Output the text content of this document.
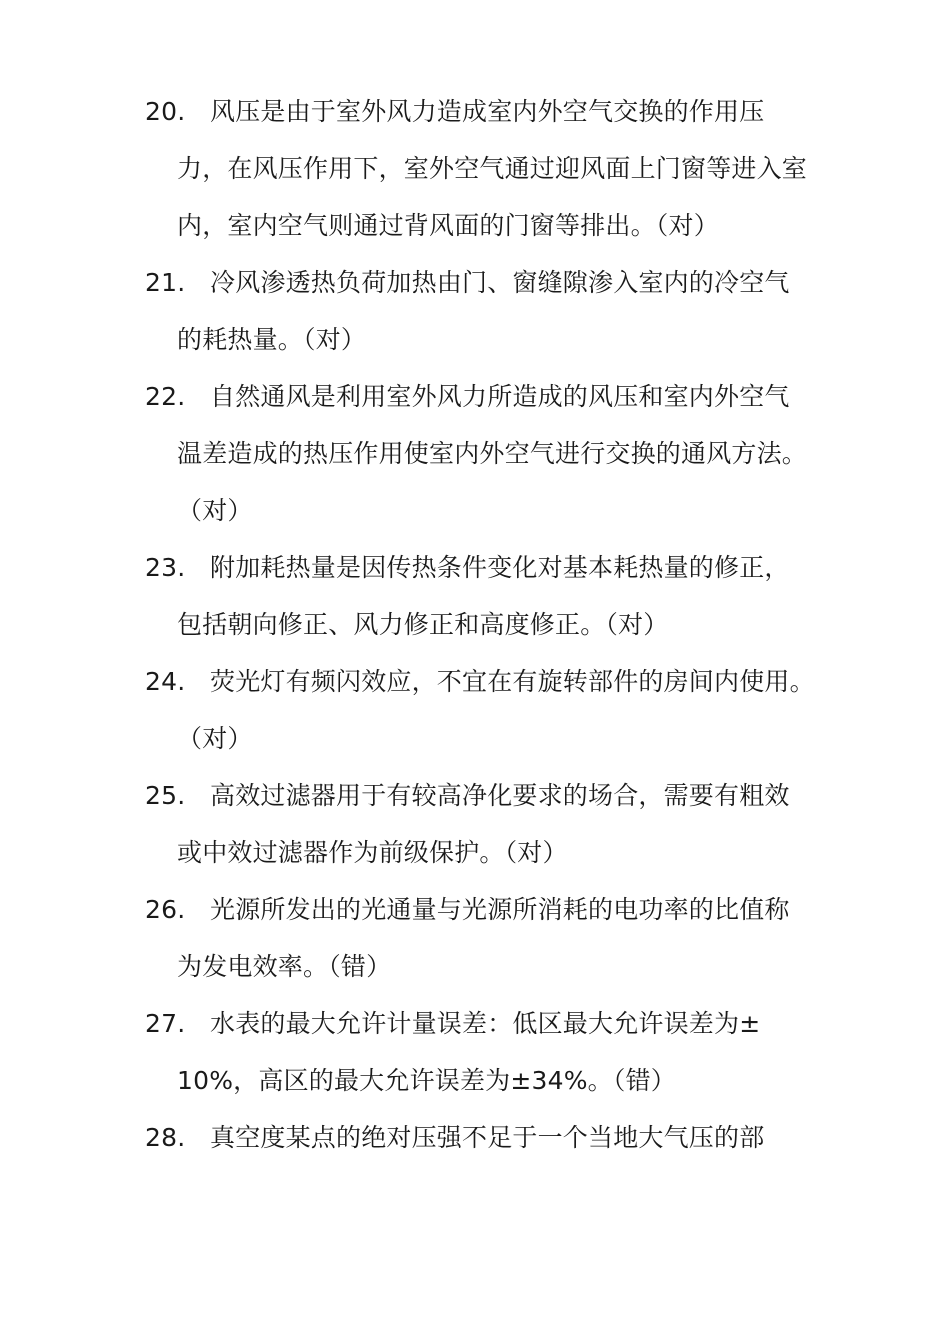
20. 风压是由于室外风力造成室内外空气交换的作用压
力，在风压作用下，室外空气通过迎风面上门窗等进入室
内，室内空气则通过背风面的门窗等排出。（对）
21. 冷风渗透热负荷加热由门、窗缝隙渗入室内的冷空气
的耗热量。（对）
22. 自然通风是利用室外风力所造成的风压和室内外空气
温差造成的热压作用使室内外空气进行交换的通风方法。
（对）
23. 附加耗热量是因传热条件变化对基本耗热量的修正，
包括朝向修正、风力修正和高度修正。（对）
24. 荧光灯有频闪效应，不宜在有旋转部件的房间内使用。
（对）
25. 高效过滤器用于有较高净化要求的场合，需要有粗效
或中效过滤器作为前级保护。（对）
26. 光源所发出的光通量与光源所消耗的电功率的比值称
为发电效率。（错）
27. 水表的最大允许计量误差：低区最大允许误差为±
10%，高区的最大允许误差为±34%。（错）
28. 真空度某点的绝对压强不足于一个当地大气压的部
